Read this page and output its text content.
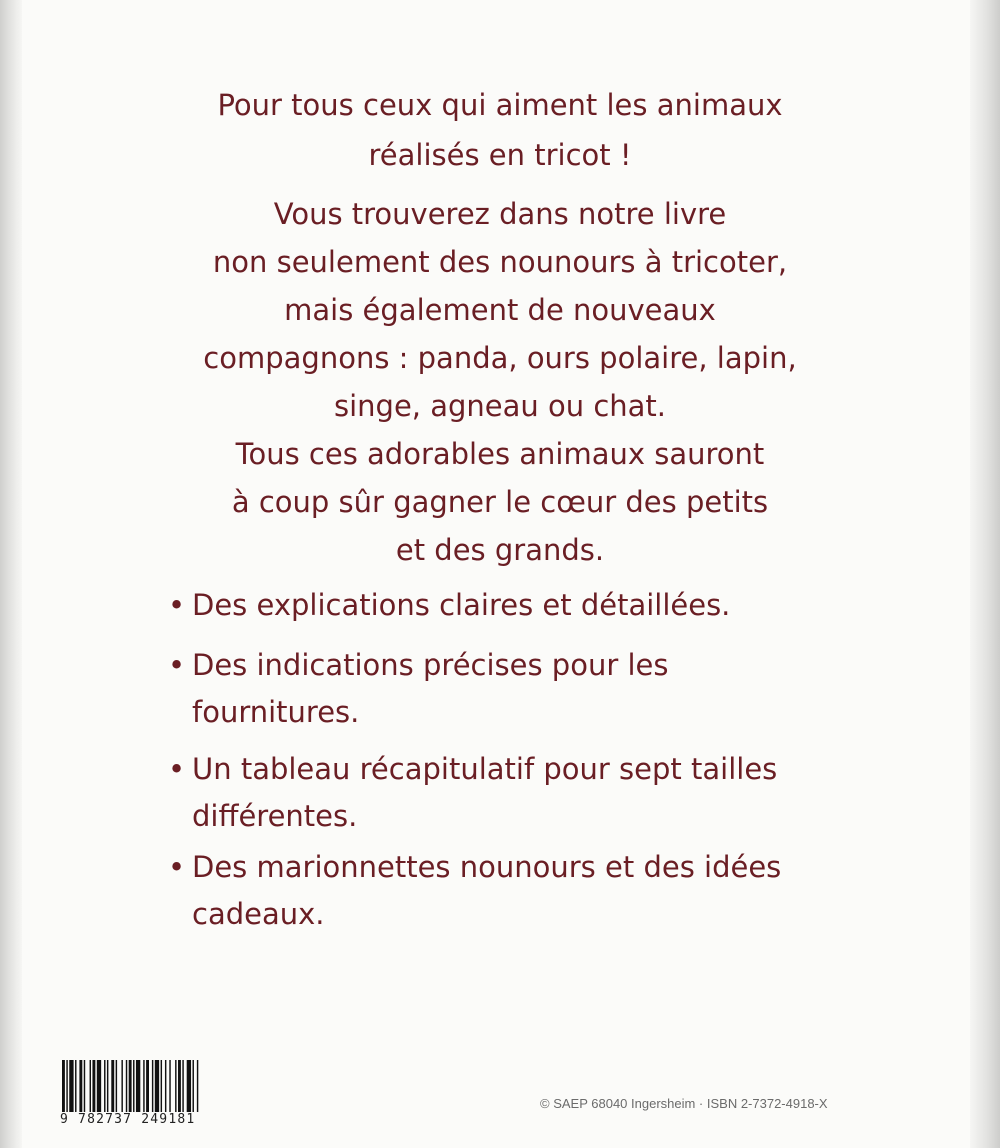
Pour tous ceux qui aiment les animaux
réalisés en tricot !
Vous trouverez dans notre livre
non seulement des nounours à tricoter,
mais également de nouveaux
compagnons : panda, ours polaire, lapin,
singe, agneau ou chat.
Tous ces adorables animaux sauront
à coup sûr gagner le cœur des petits
et des grands.
• Des explications claires et détaillées.
• Des indications précises pour les
fournitures.
• Un tableau récapitulatif pour sept tailles
différentes.
• Des marionnettes nounours et des idées
cadeaux.
9 782737 249181
© SAEP 68040 Ingersheim · ISBN 2-7372-4918-X
